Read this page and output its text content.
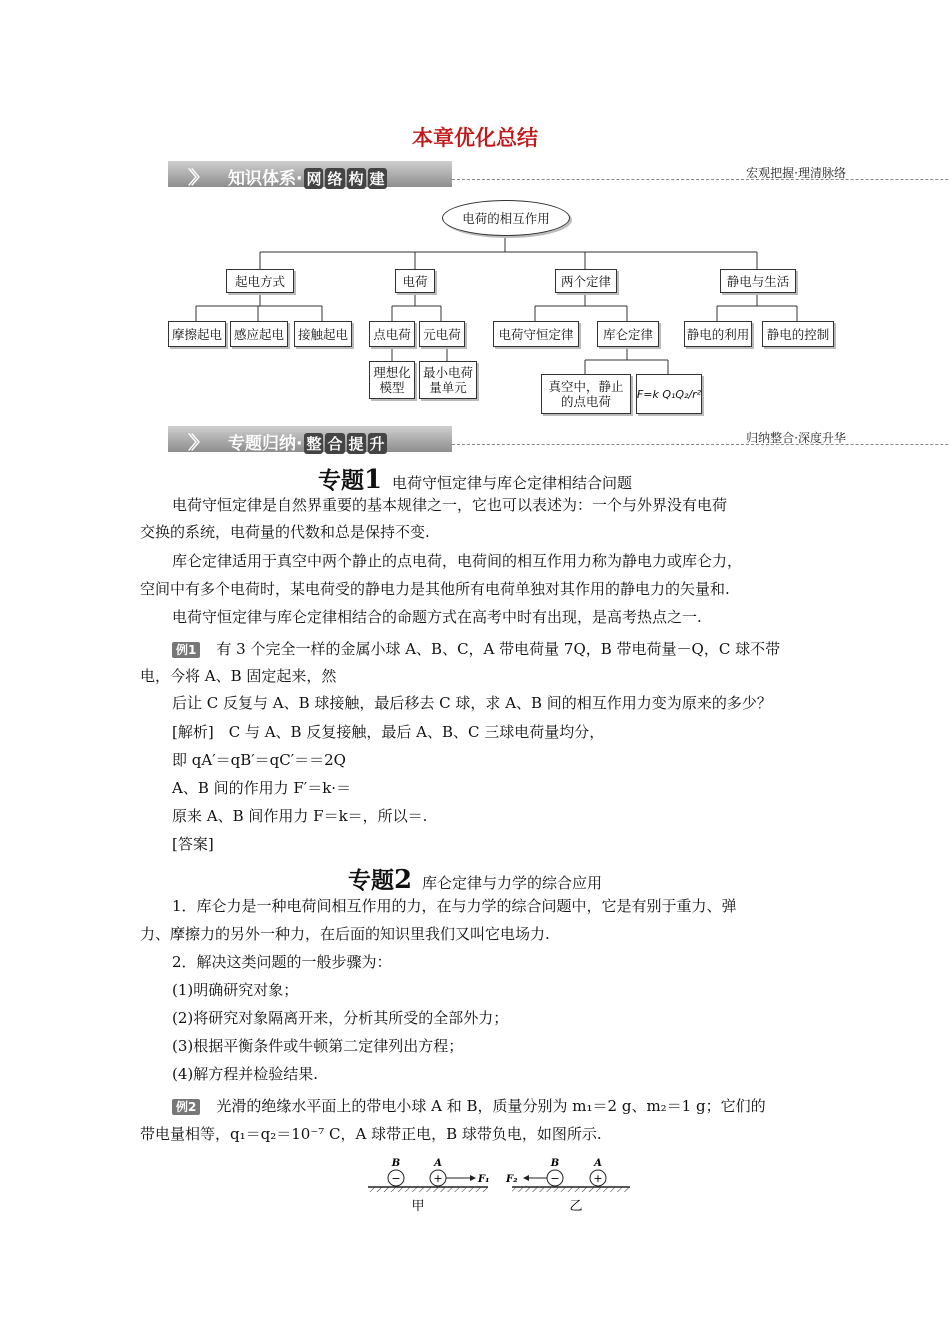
本章优化总结
〉〉 知识体系· 网 络 构 建	宏观把握·理清脉络
电荷的相互作用
起电方式	电荷	两个定律	静电与生活
摩擦起电 感应起电	接触起电	点电荷 元电荷
理想化
模型
最小电荷
量单元
电荷守恒定律	库仑定律
真空中，静止
的点电荷	F=k Q₁Q₂/r²
静电的利用	静电的控制
〉〉 专题归纳· 整 合 提 升	归纳整合·深度升华
专题1 电荷守恒定律与库仑定律相结合问题
电荷守恒定律是自然界重要的基本规律之一，它也可以表述为：一个与外界没有电荷
交换的系统，电荷量的代数和总是保持不变.
库仑定律适用于真空中两个静止的点电荷，电荷间的相互作用力称为静电力或库仑力，
空间中有多个电荷时，某电荷受的静电力是其他所有电荷单独对其作用的静电力的矢量和.
电荷守恒定律与库仑定律相结合的命题方式在高考中时有出现，是高考热点之一.
例1 有 3 个完全一样的金属小球 A、B、C，A 带电荷量 7Q，B 带电荷量－Q，C 球不带
电，今将 A、B 固定起来，然
后让 C 反复与 A、B 球接触，最后移去 C 球，求 A、B 间的相互作用力变为原来的多少？
[解析]　C 与 A、B 反复接触，最后 A、B、C 三球电荷量均分，
即 qA′＝qB′＝qC′＝＝2Q
A、B 间的作用力 F′＝k·＝
原来 A、B 间作用力 F＝k＝，所以＝.
[答案]
专题2 库仑定律与力学的综合应用
1．库仑力是一种电荷间相互作用的力，在与力学的综合问题中，它是有别于重力、弹
力、摩擦力的另外一种力，在后面的知识里我们又叫它电场力.
2．解决这类问题的一般步骤为：
(1)明确研究对象；
(2)将研究对象隔离开来，分析其所受的全部外力；
(3)根据平衡条件或牛顿第二定律列出方程；
(4)解方程并检验结果.
例2 光滑的绝缘水平面上的带电小球 A 和 B，质量分别为 m₁＝2 g、m₂＝1 g；它们的
带电量相等，q₁＝q₂＝10⁻⁷ C，A 球带正电，B 球带负电，如图所示.
−	+
B	A
F₁
甲
−	+
B	A
F₂
乙
